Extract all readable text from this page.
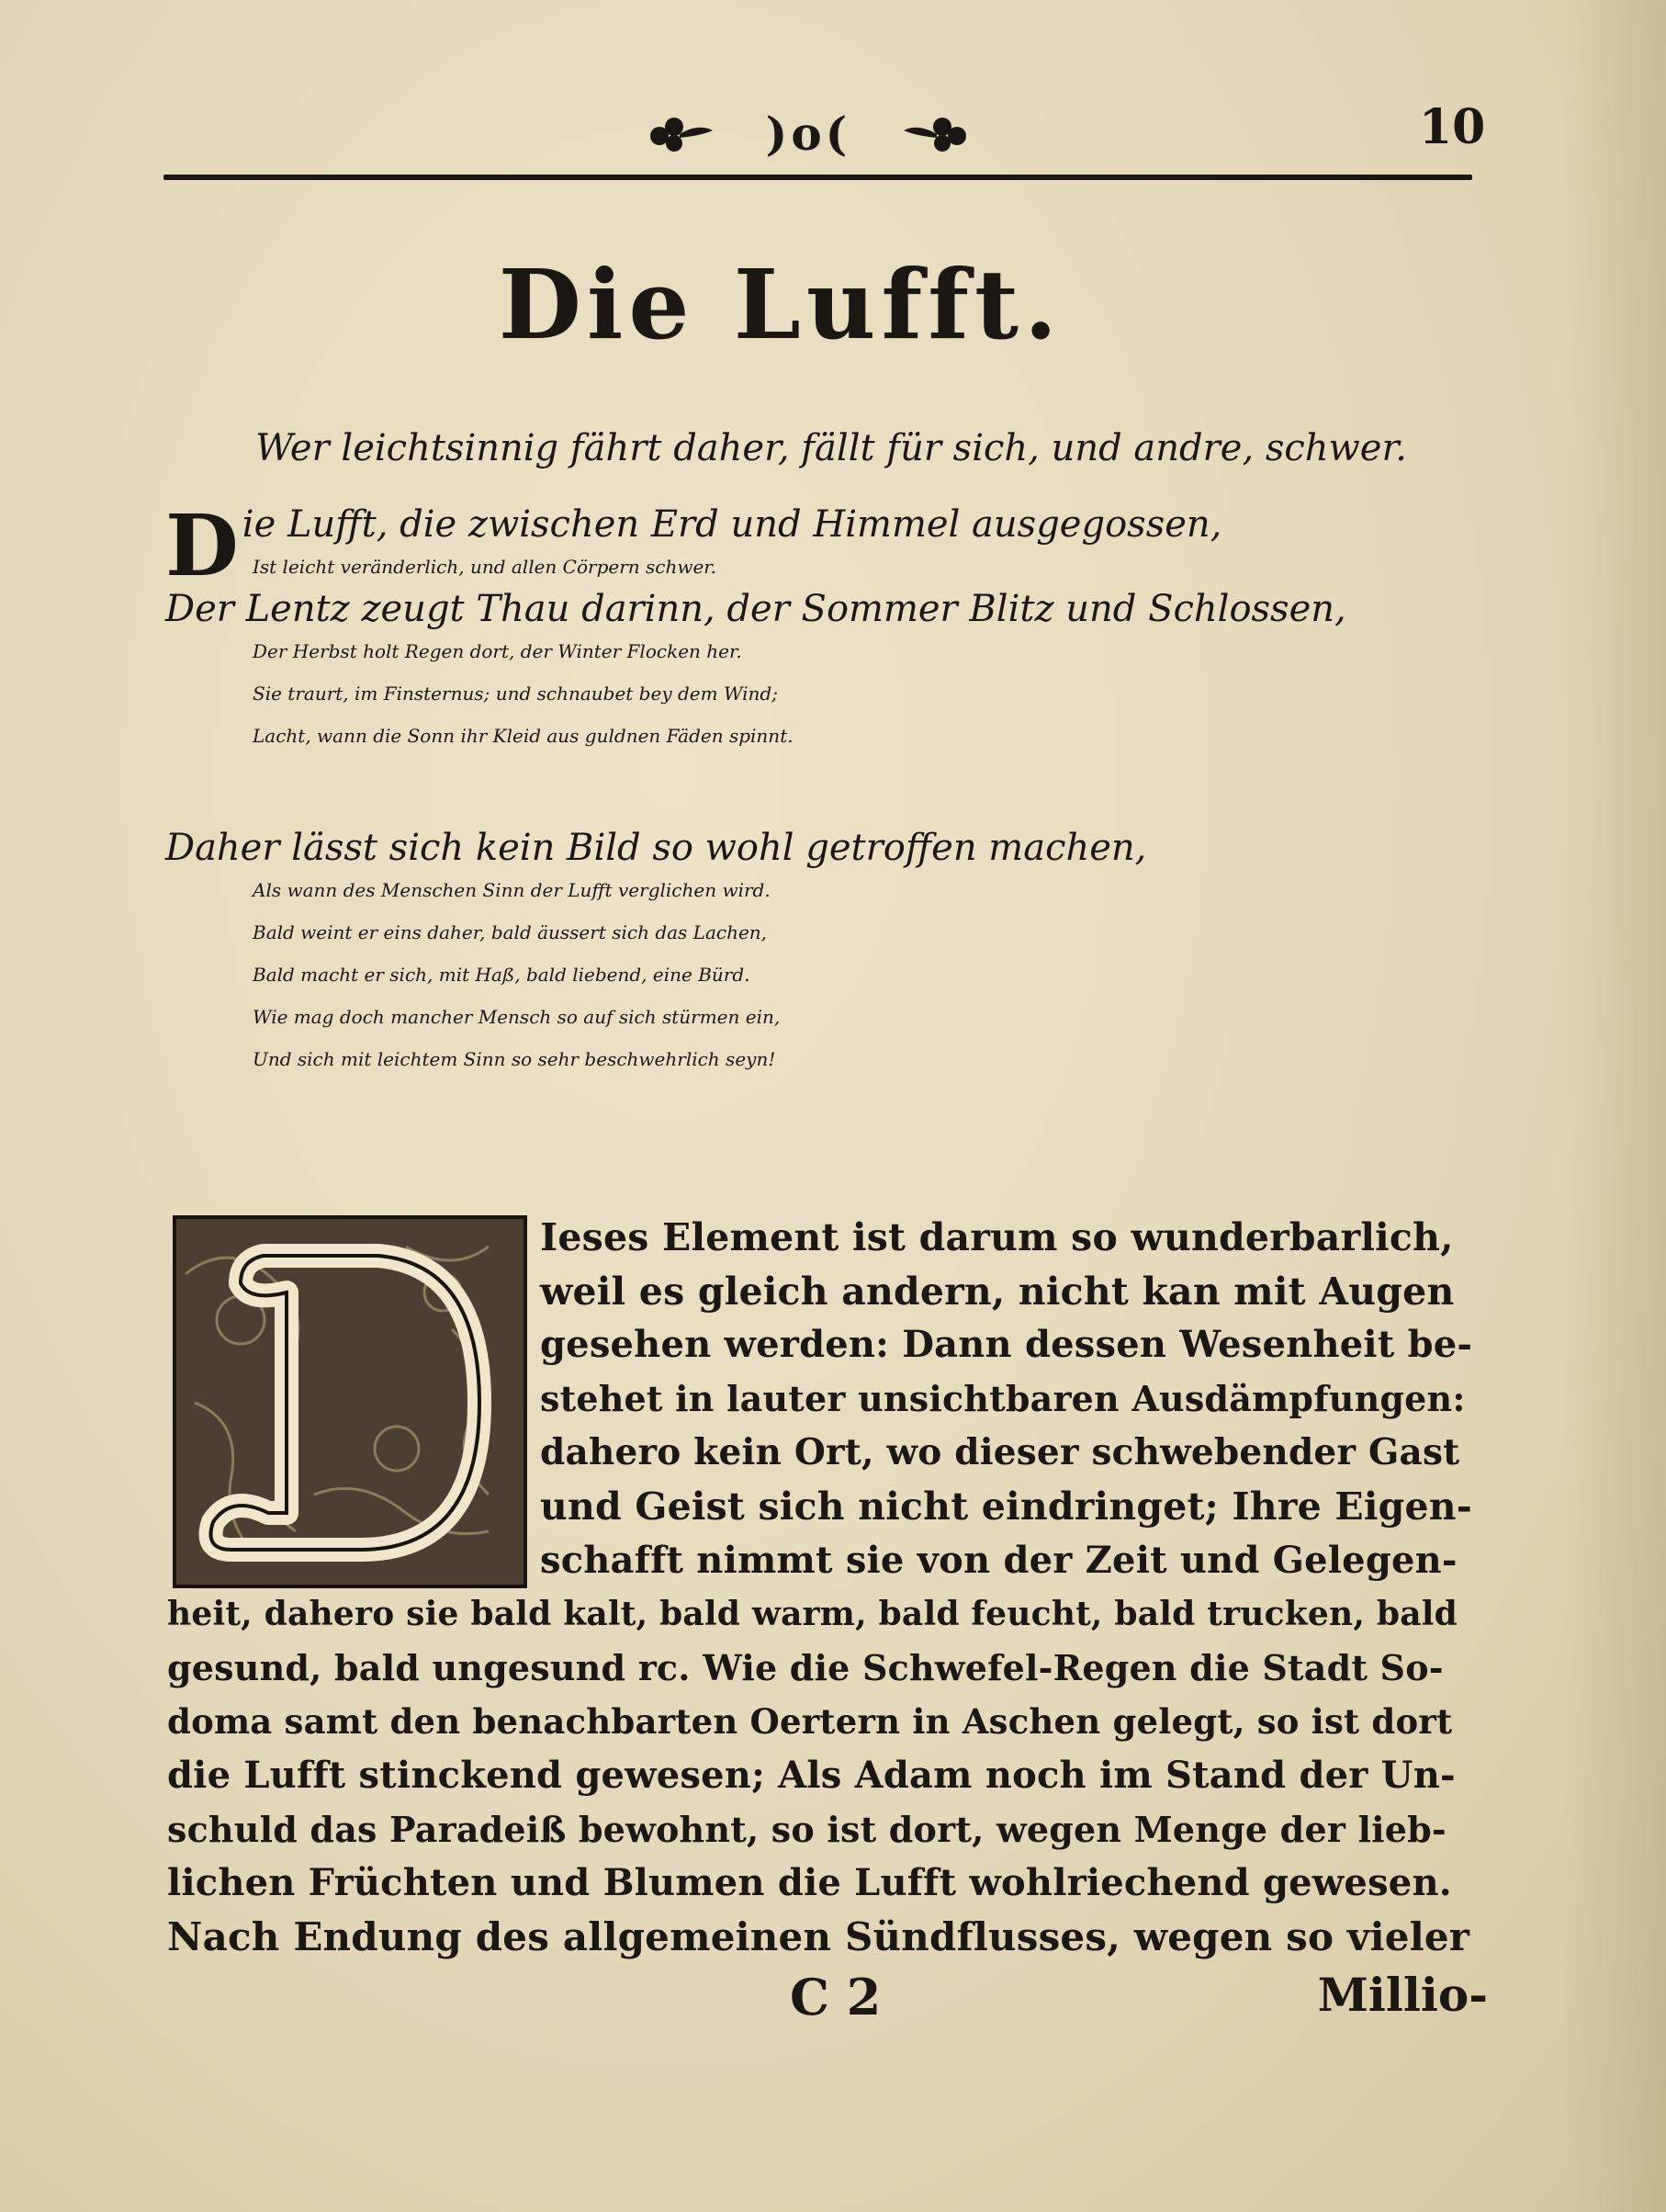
)o(	10
Die Lufft.
Wer leichtsinnig fährt daher, fällt für sich, und andre, schwer.
D ie Lufft, die zwischen Erd und Himmel ausgegossen,
Ist leicht veränderlich, und allen Cörpern schwer.
Der Lentz zeugt Thau darinn, der Sommer Blitz und Schlossen,
Der Herbst holt Regen dort, der Winter Flocken her.
Sie traurt, im Finsternus; und schnaubet bey dem Wind;
Lacht, wann die Sonn ihr Kleid aus guldnen Fäden spinnt.
Daher lässt sich kein Bild so wohl getroffen machen,
Als wann des Menschen Sinn der Lufft verglichen wird.
Bald weint er eins daher, bald äussert sich das Lachen,
Bald macht er sich, mit Haß, bald liebend, eine Bürd.
Wie mag doch mancher Mensch so auf sich stürmen ein,
Und sich mit leichtem Sinn so sehr beschwehrlich seyn!
Ieses Element ist darum so wunderbarlich,
weil es gleich andern, nicht kan mit Augen
gesehen werden: Dann dessen Wesenheit be-
stehet in lauter unsichtbaren Ausdämpfungen:
dahero kein Ort, wo dieser schwebender Gast
und Geist sich nicht eindringet; Ihre Eigen-
schafft nimmt sie von der Zeit und Gelegen-
heit, dahero sie bald kalt, bald warm, bald feucht, bald trucken, bald
gesund, bald ungesund rc. Wie die Schwefel-Regen die Stadt So-
doma samt den benachbarten Oertern in Aschen gelegt, so ist dort
die Lufft stinckend gewesen; Als Adam noch im Stand der Un-
schuld das Paradeiß bewohnt, so ist dort, wegen Menge der lieb-
lichen Früchten und Blumen die Lufft wohlriechend gewesen.
Nach Endung des allgemeinen Sündflusses, wegen so vieler
C 2	Millio-
